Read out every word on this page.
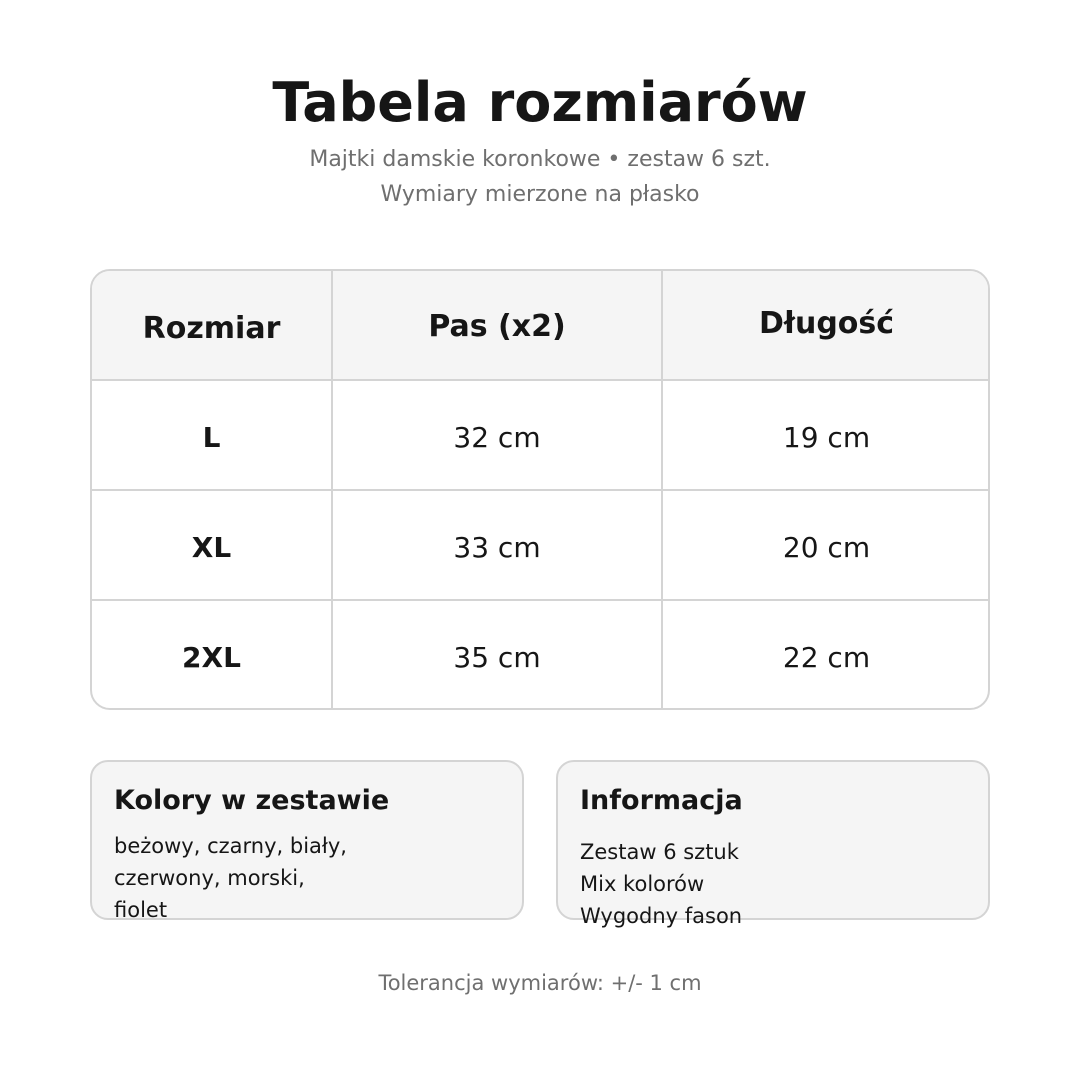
Tabela rozmiarów
Majtki damskie koronkowe • zestaw 6 szt.
Wymiary mierzone na płasko
Rozmiar	Pas (x2)	Długość
L	32 cm	19 cm
XL	33 cm	20 cm
2XL	35 cm	22 cm
Kolory w zestawie
beżowy, czarny, biały,
czerwony, morski,
fiolet
Informacja
Zestaw 6 sztuk
Mix kolorów
Wygodny fason
Tolerancja wymiarów: +/- 1 cm
